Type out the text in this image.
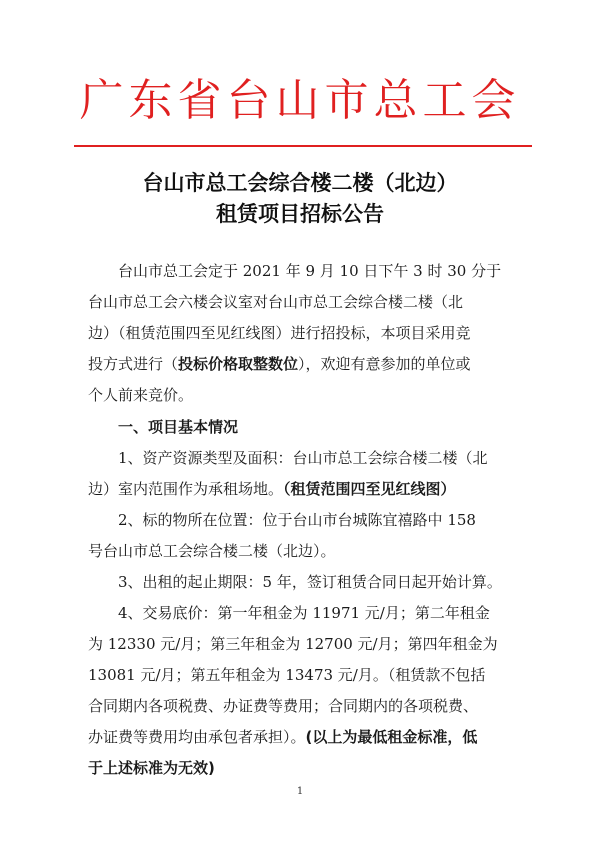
广东省台山市总工会
台山市总工会综合楼二楼（北边）
租赁项目招标公告
台山市总工会定于 2021 年 9 月 10 日下午 3 时 30 分于
台山市总工会六楼会议室对台山市总工会综合楼二楼（北
边）（租赁范围四至见红线图）进行招投标，本项目采用竞
投方式进行（投标价格取整数位），欢迎有意参加的单位或
个人前来竞价。
一、项目基本情况
1、资产资源类型及面积：台山市总工会综合楼二楼（北
边）室内范围作为承租场地。（租赁范围四至见红线图）
2、标的物所在位置：位于台山市台城陈宜禧路中 158
号台山市总工会综合楼二楼（北边）。
3、出租的起止期限：5 年，签订租赁合同日起开始计算。
4、交易底价：第一年租金为 11971 元/月；第二年租金
为 12330 元/月；第三年租金为 12700 元/月；第四年租金为
13081 元/月；第五年租金为 13473 元/月。（租赁款不包括
合同期内各项税费、办证费等费用；合同期内的各项税费、
办证费等费用均由承包者承担）。(以上为最低租金标准，低
于上述标准为无效)
1
